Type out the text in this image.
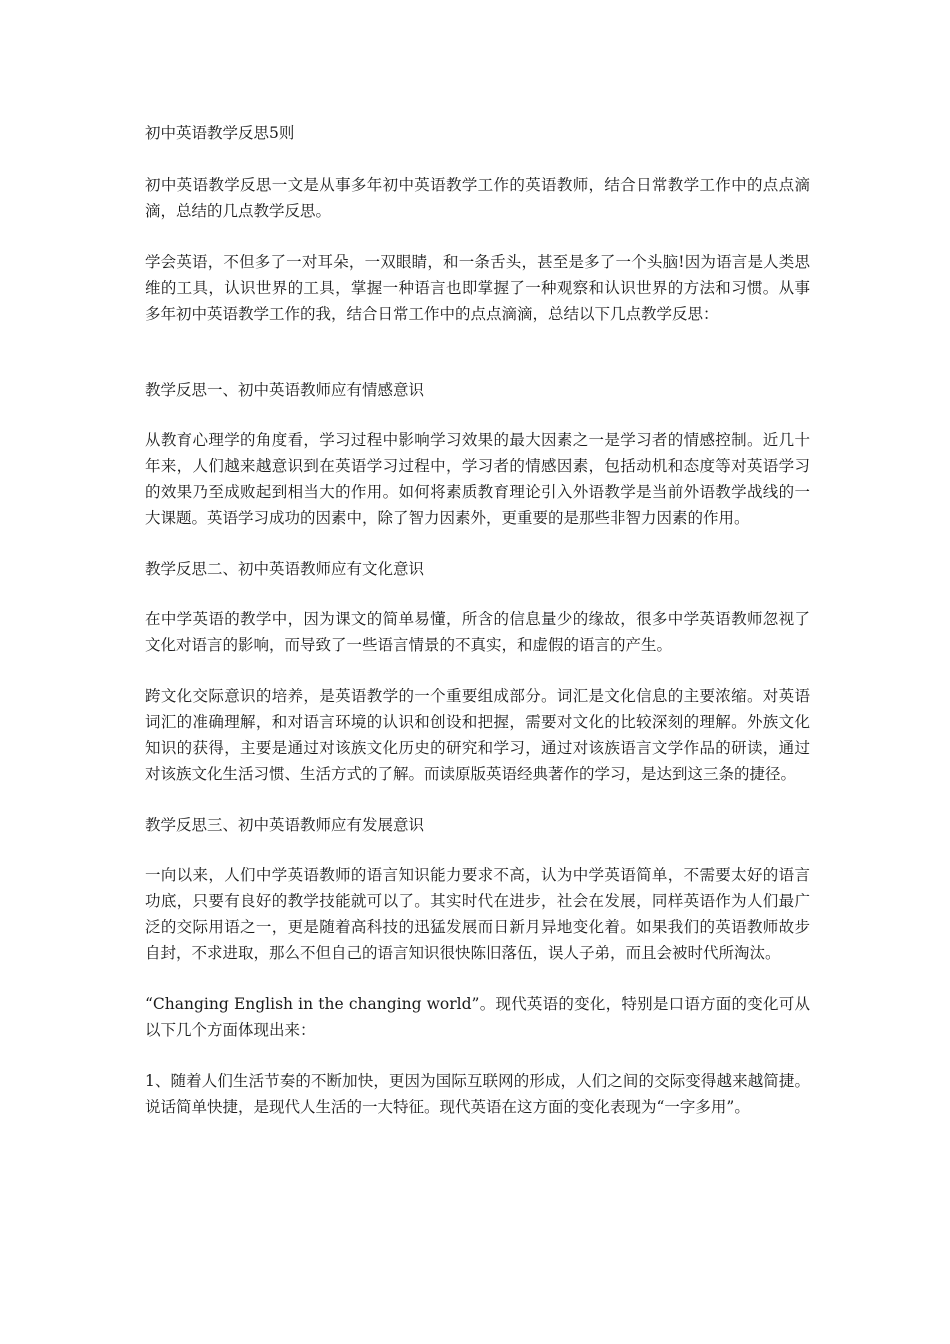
初中英语教学反思5则

初中英语教学反思一文是从事多年初中英语教学工作的英语教师，结合日常教学工作中的点点滴滴，总结的几点教学反思。

学会英语，不但多了一对耳朵，一双眼睛，和一条舌头，甚至是多了一个头脑!因为语言是人类思维的工具，认识世界的工具，掌握一种语言也即掌握了一种观察和认识世界的方法和习惯。从事多年初中英语教学工作的我，结合日常工作中的点点滴滴，总结以下几点教学反思：

教学反思一、初中英语教师应有情感意识

从教育心理学的角度看，学习过程中影响学习效果的最大因素之一是学习者的情感控制。近几十年来，人们越来越意识到在英语学习过程中，学习者的情感因素，包括动机和态度等对英语学习的效果乃至成败起到相当大的作用。如何将素质教育理论引入外语教学是当前外语教学战线的一大课题。英语学习成功的因素中，除了智力因素外，更重要的是那些非智力因素的作用。

教学反思二、初中英语教师应有文化意识

在中学英语的教学中，因为课文的简单易懂，所含的信息量少的缘故，很多中学英语教师忽视了文化对语言的影响，而导致了一些语言情景的不真实，和虚假的语言的产生。

跨文化交际意识的培养，是英语教学的一个重要组成部分。词汇是文化信息的主要浓缩。对英语词汇的准确理解，和对语言环境的认识和创设和把握，需要对文化的比较深刻的理解。外族文化知识的获得，主要是通过对该族文化历史的研究和学习，通过对该族语言文学作品的研读，通过对该族文化生活习惯、生活方式的了解。而读原版英语经典著作的学习，是达到这三条的捷径。

教学反思三、初中英语教师应有发展意识

一向以来，人们中学英语教师的语言知识能力要求不高，认为中学英语简单，不需要太好的语言功底，只要有良好的教学技能就可以了。其实时代在进步，社会在发展，同样英语作为人们最广泛的交际用语之一，更是随着高科技的迅猛发展而日新月异地变化着。如果我们的英语教师故步自封，不求进取，那么不但自己的语言知识很快陈旧落伍，误人子弟，而且会被时代所淘汰。

“Changing English in the changing world”。现代英语的变化，特别是口语方面的变化可从以下几个方面体现出来：

1、随着人们生活节奏的不断加快，更因为国际互联网的形成，人们之间的交际变得越来越简捷。说话简单快捷，是现代人生活的一大特征。现代英语在这方面的变化表现为“一字多用”。
